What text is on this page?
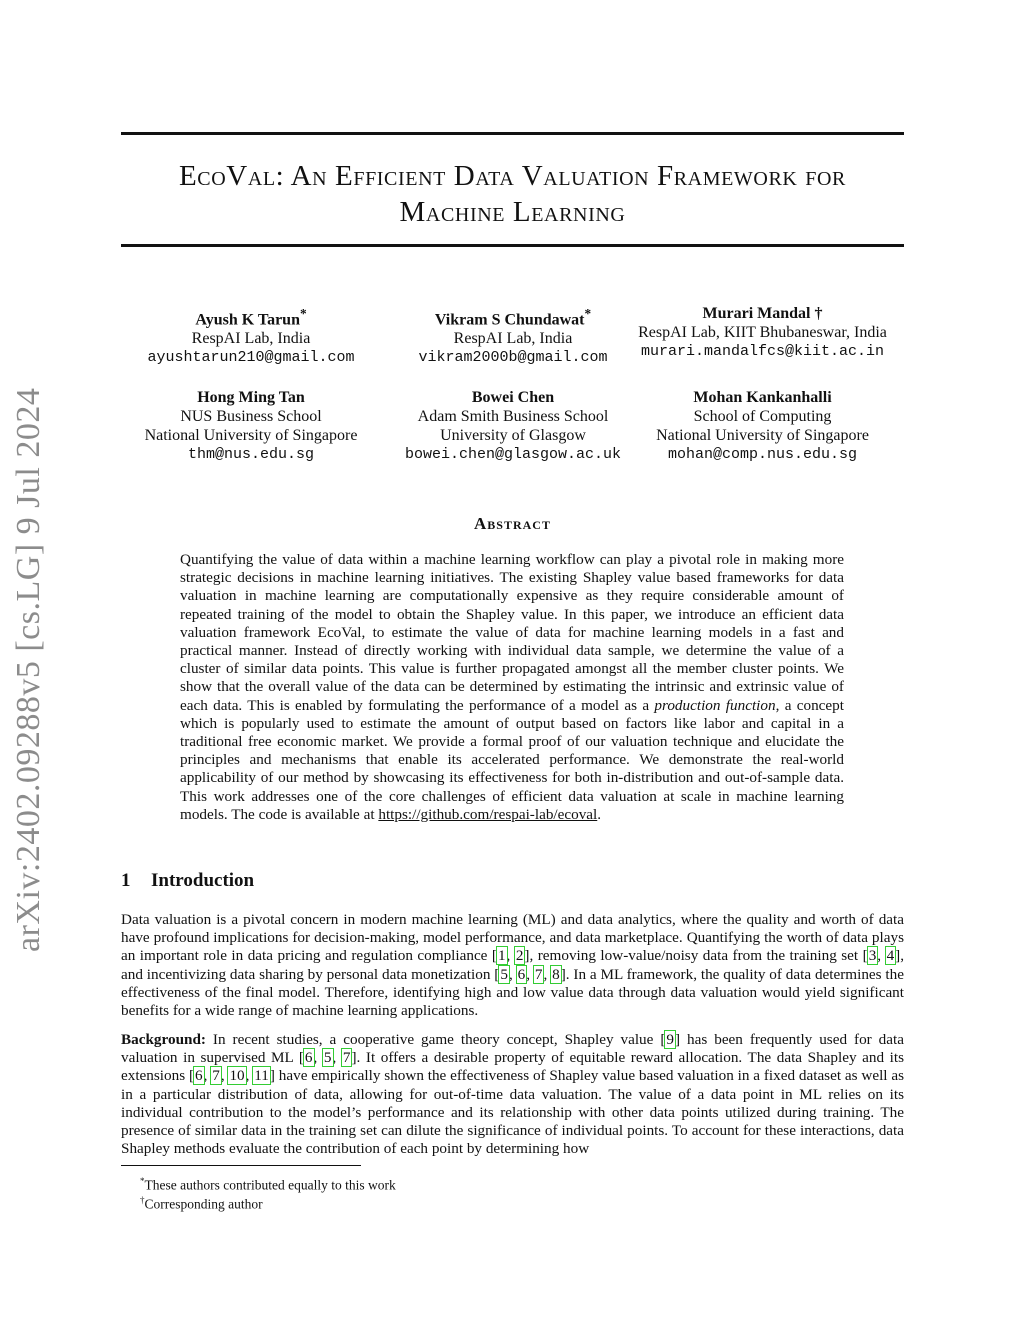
arXiv:2402.09288v5 [cs.LG] 9 Jul 2024
EcoVal: An Efficient Data Valuation Framework for
Machine Learning
Ayush K Tarun*
RespAI Lab, India
ayushtarun210@gmail.com
Vikram S Chundawat*
RespAI Lab, India
vikram2000b@gmail.com
Murari Mandal †
RespAI Lab, KIIT Bhubaneswar, India
murari.mandalfcs@kiit.ac.in
Hong Ming Tan
NUS Business School
National University of Singapore
thm@nus.edu.sg
Bowei Chen
Adam Smith Business School
University of Glasgow
bowei.chen@glasgow.ac.uk
Mohan Kankanhalli
School of Computing
National University of Singapore
mohan@comp.nus.edu.sg
Abstract
Quantifying the value of data within a machine learning workflow can play a pivotal role in making more strategic decisions in machine learning initiatives. The existing Shapley value based frameworks for data valuation in machine learning are computationally expensive as they require considerable amount of repeated training of the model to obtain the Shapley value. In this paper, we introduce an efficient data valuation framework EcoVal, to estimate the value of data for machine learning models in a fast and practical manner. Instead of directly working with individual data sample, we determine the value of a cluster of similar data points. This value is further propagated amongst all the member cluster points. We show that the overall value of the data can be determined by estimating the intrinsic and extrinsic value of each data. This is enabled by formulating the performance of a model as a production function, a concept which is popularly used to estimate the amount of output based on factors like labor and capital in a traditional free economic market. We provide a formal proof of our valuation technique and elucidate the principles and mechanisms that enable its accelerated performance. We demonstrate the real-world applicability of our method by showcasing its effectiveness for both in-distribution and out-of-sample data. This work addresses one of the core challenges of efficient data valuation at scale in machine learning models. The code is available at https://github.com/respai-lab/ecoval.
1 Introduction
Data valuation is a pivotal concern in modern machine learning (ML) and data analytics, where the quality and worth of data have profound implications for decision-making, model performance, and data marketplace. Quantifying the worth of data plays an important role in data pricing and regulation compliance [1, 2], removing low-value/noisy data from the training set [3, 4], and incentivizing data sharing by personal data monetization [5, 6, 7, 8]. In a ML framework, the quality of data determines the effectiveness of the final model. Therefore, identifying high and low value data through data valuation would yield significant benefits for a wide range of machine learning applications.
Background: In recent studies, a cooperative game theory concept, Shapley value [9] has been frequently used for data valuation in supervised ML [6, 5, 7]. It offers a desirable property of equitable reward allocation. The data Shapley and its extensions [6, 7, 10, 11] have empirically shown the effectiveness of Shapley value based valuation in a fixed dataset as well as in a particular distribution of data, allowing for out-of-time data valuation. The value of a data point in ML relies on its individual contribution to the model’s performance and its relationship with other data points utilized during training. The presence of similar data in the training set can dilute the significance of individual points. To account for these interactions, data Shapley methods evaluate the contribution of each point by determining how
*These authors contributed equally to this work
†Corresponding author
